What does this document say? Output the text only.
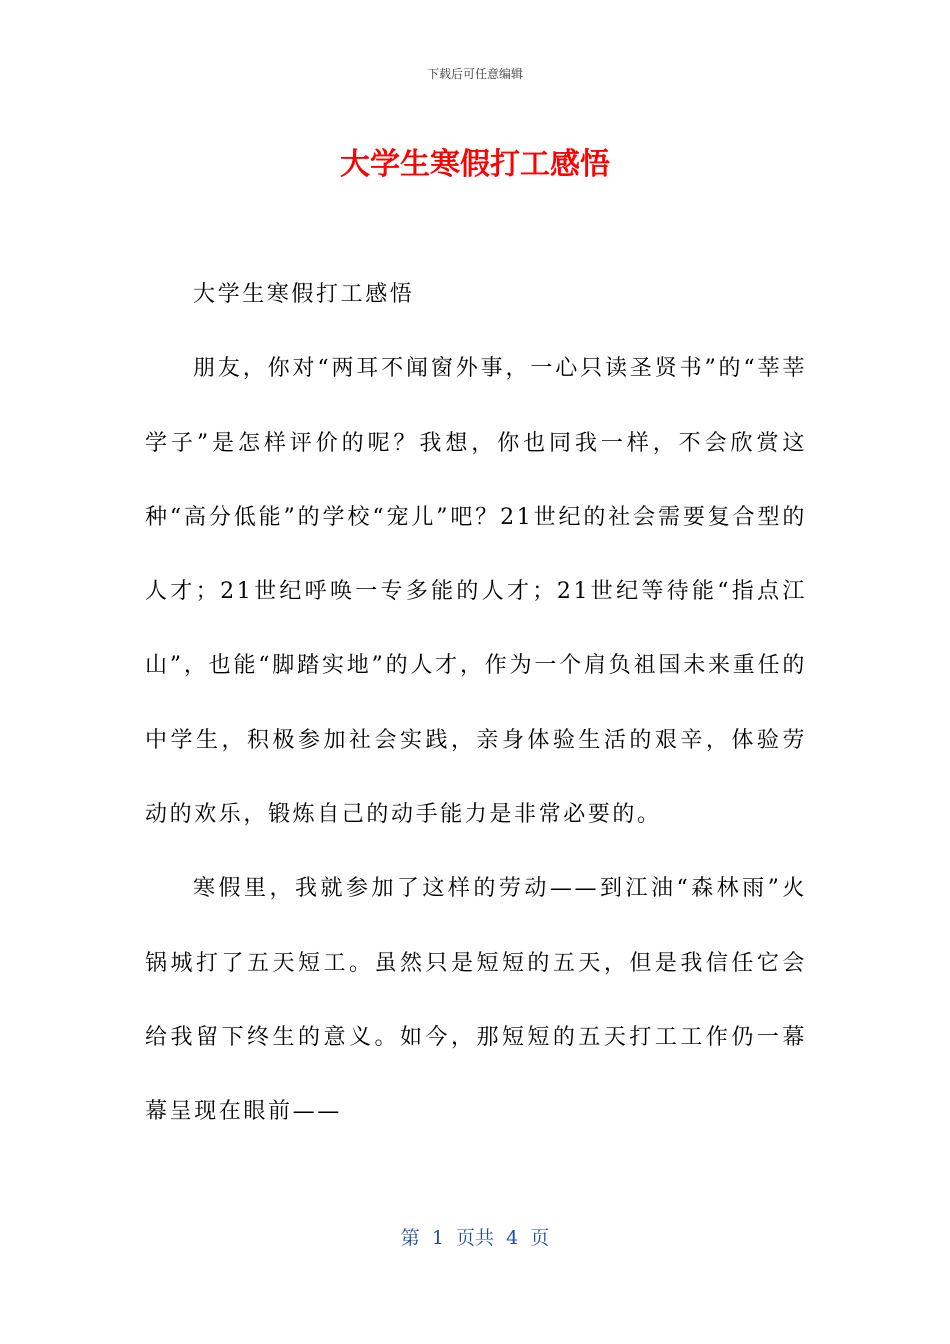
下载后可任意编辑
大学生寒假打工感悟

大学生寒假打工感悟

朋友，你对“两耳不闻窗外事，一心只读圣贤书”的“莘莘学子”是怎样评价的呢？我想，你也同我一样，不会欣赏这种“高分低能”的学校“宠儿”吧？21世纪的社会需要复合型的人才；21世纪呼唤一专多能的人才；21世纪等待能“指点江山”，也能“脚踏实地”的人才，作为一个肩负祖国未来重任的中学生，积极参加社会实践，亲身体验生活的艰辛，体验劳动的欢乐，锻炼自己的动手能力是非常必要的。

寒假里，我就参加了这样的劳动——到江油“森林雨”火锅城打了五天短工。虽然只是短短的五天，但是我信任它会给我留下终生的意义。如今，那短短的五天打工工作仍一幕幕呈现在眼前——

第  1  页共  4  页
